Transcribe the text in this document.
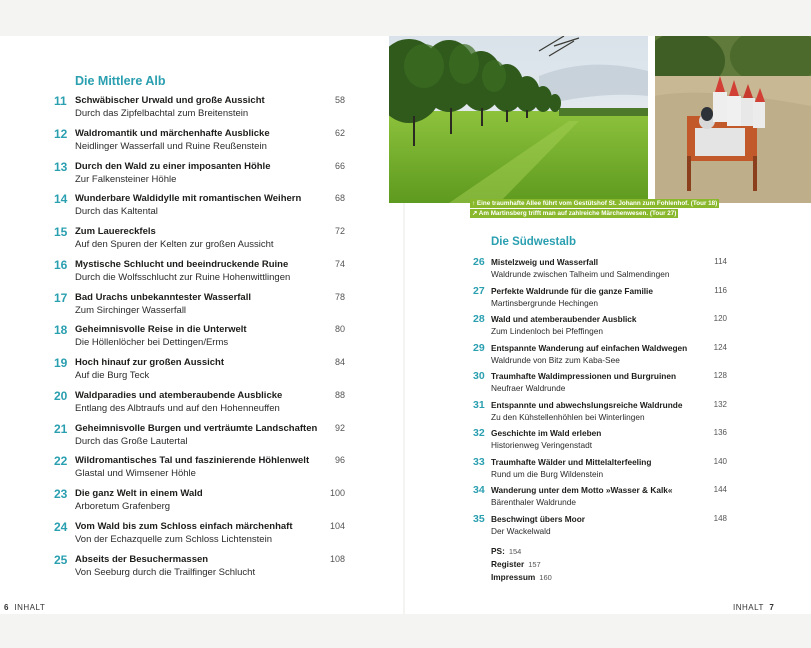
Die Mittlere Alb
11 Schwäbischer Urwald und große Aussicht
Durch das Zipfelbachtal zum Breitenstein
58
12 Waldromantik und märchenhafte Ausblicke
Neidlinger Wasserfall und Ruine Reußenstein
62
13 Durch den Wald zu einer imposanten Höhle
Zur Falkensteiner Höhle
66
14 Wunderbare Waldidylle mit romantischen Weihern
Durch das Kaltental
68
15 Zum Lauereckfels
Auf den Spuren der Kelten zur großen Aussicht
72
16 Mystische Schlucht und beeindruckende Ruine
Durch die Wolfsschlucht zur Ruine Hohenwittlingen
74
17 Bad Urachs unbekanntester Wasserfall
Zum Sirchinger Wasserfall
78
18 Geheimnisvolle Reise in die Unterwelt
Die Höllenlöcher bei Dettingen/Erms
80
19 Hoch hinauf zur großen Aussicht
Auf die Burg Teck
84
20 Waldparadies und atemberaubende Ausblicke
Entlang des Albtraufs und auf den Hohenneuffen
88
21 Geheimnisvolle Burgen und verträumte Landschaften
Durch das Große Lautertal
92
22 Wildromantisches Tal und faszinierende Höhlenwelt
Glastal und Wimsener Höhle
96
23 Die ganz Welt in einem Wald
Arboretum Grafenberg
100
24 Vom Wald bis zum Schloss einfach märchenhaft
Von der Echazquelle zum Schloss Lichtenstein
104
25 Abseits der Besuchermassen
Von Seeburg durch die Trailfinger Schlucht
108
Die Südwestalb
26 Mistelzweig und Wasserfall
Waldrunde zwischen Talheim und Salmendingen
114
27 Perfekte Waldrunde für die ganze Familie
Martinsbergrunde Hechingen
116
28 Wald und atemberaubender Ausblick
Zum Lindenloch bei Pfeffingen
120
29 Entspannte Wanderung auf einfachen Waldwegen
Waldrunde von Bitz zum Kaba-See
124
30 Traumhafte Waldimpressionen und Burgruinen
Neufraer Waldrunde
128
31 Entspannte und abwechslungsreiche Waldrunde
Zu den Kühstellenhöhlen bei Winterlingen
132
32 Geschichte im Wald erleben
Historienweg Veringenstadt
136
33 Traumhafte Wälder und Mittelalterfeeling
Rund um die Burg Wildenstein
140
34 Wanderung unter dem Motto »Wasser & Kalk«
Bärenthaler Waldrunde
144
35 Beschwingt übers Moor
Der Wackelwald
148
PS: 154
Register 157
Impressum 160
↑ Eine traumhafte Allee führt vom Gestütshof St. Johann zum Fohlenhof. (Tour 18)
↗ Am Martinsberg trifft man auf zahlreiche Märchenwesen. (Tour 27)
6 INHALT	INHALT 7
